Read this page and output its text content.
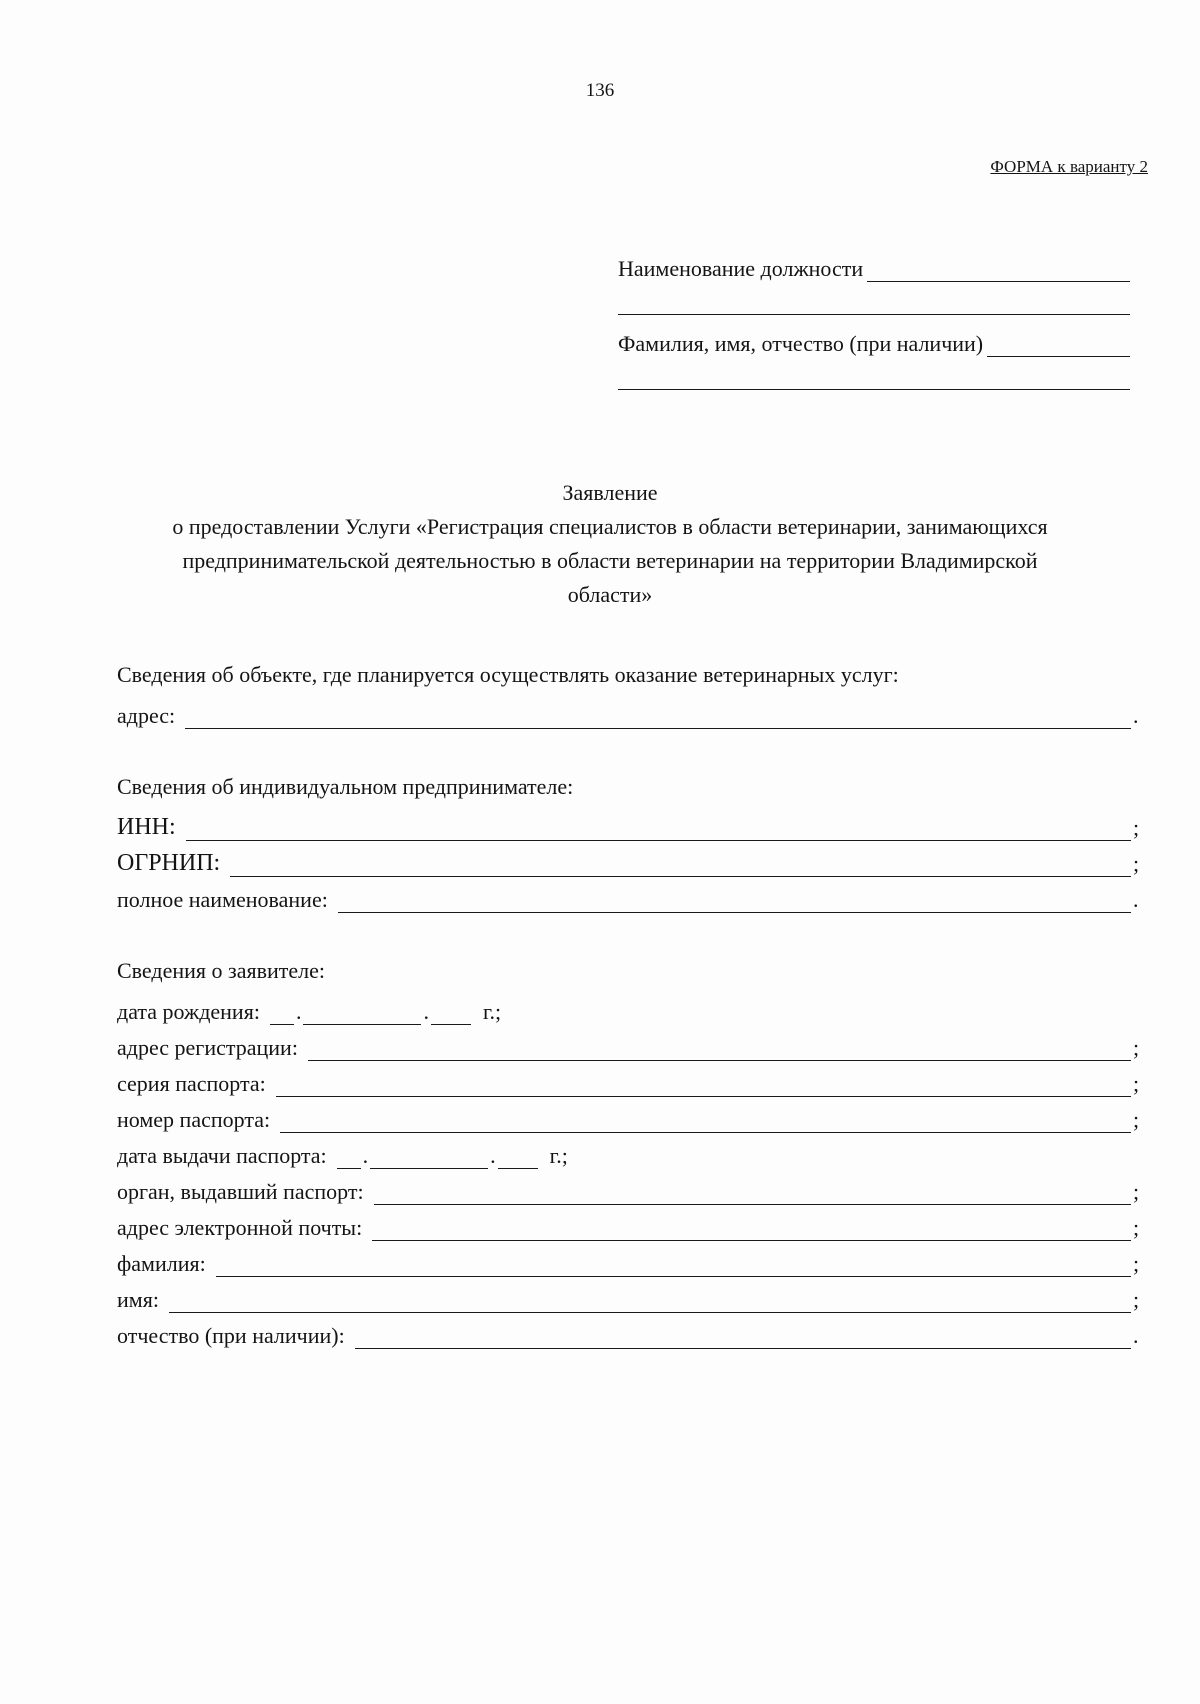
136
ФОРМА к варианту 2
Наименование должности
Фамилия, имя, отчество (при наличии)
Заявление
о предоставлении Услуги «Регистрация специалистов в области ветеринарии, занимающихся
предпринимательской деятельностью в области ветеринарии на территории Владимирской
области»
Сведения об объекте, где планируется осуществлять оказание ветеринарных услуг:
адрес:	.
Сведения об индивидуальном предпринимателе:
ИНН:	;
ОГРНИП:	;
полное наименование:	.
Сведения о заявителе:
дата рождения: .	.	г.;
адрес регистрации:	;
серия паспорта:	;
номер паспорта:	;
дата выдачи паспорта: .	.	г.;
орган, выдавший паспорт:	;
адрес электронной почты:	;
фамилия:	;
имя:	;
отчество (при наличии):	.
